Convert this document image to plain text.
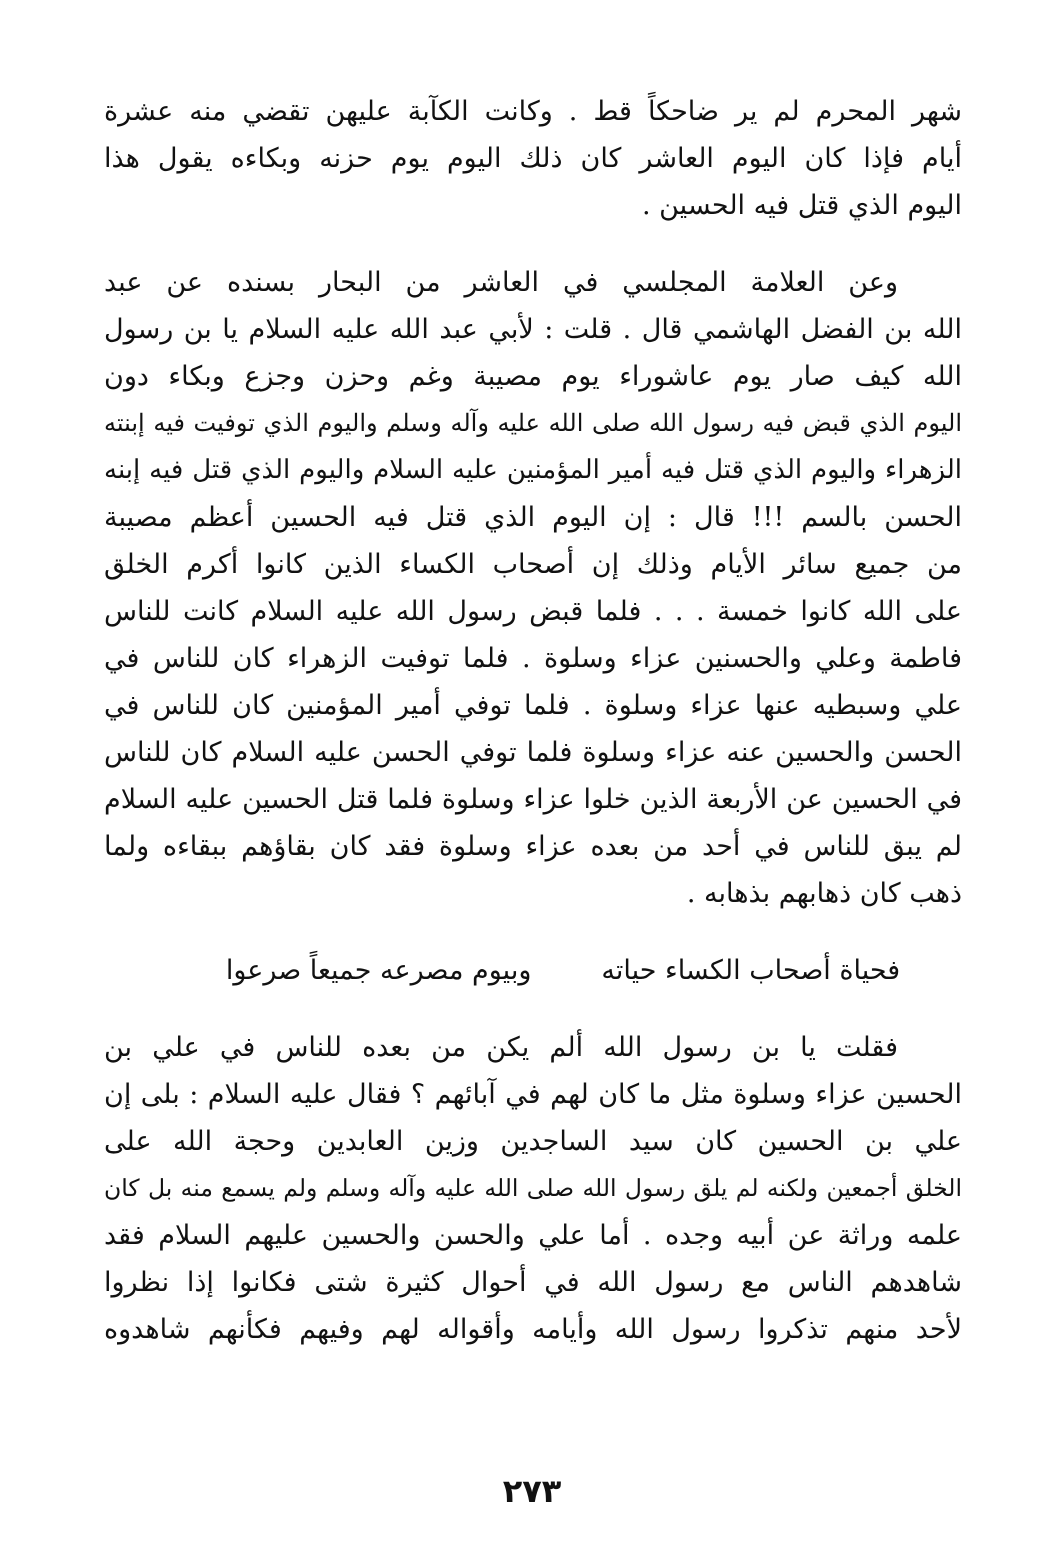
شهر المحرم لم ير ضاحكاً قط . وكانت الكآبة عليهن تقضي منه عشرة
أيام فإذا كان اليوم العاشر كان ذلك اليوم يوم حزنه وبكاءه يقول هذا
اليوم الذي قتل فيه الحسين .

وعن العلامة المجلسي في العاشر من البحار بسنده عن عبد
الله بن الفضل الهاشمي قال . قلت : لأبي عبد الله عليه السلام يا بن رسول
الله كيف صار يوم عاشوراء يوم مصيبة وغم وحزن وجزع وبكاء دون
اليوم الذي قبض فيه رسول الله صلى الله عليه وآله وسلم واليوم الذي توفيت فيه إبنته
الزهراء واليوم الذي قتل فيه أمير المؤمنين عليه السلام واليوم الذي قتل فيه إبنه
الحسن بالسم !!! قال : إن اليوم الذي قتل فيه الحسين أعظم مصيبة
من جميع سائر الأيام وذلك إن أصحاب الكساء الذين كانوا أكرم الخلق
على الله كانوا خمسة . . . فلما قبض رسول الله عليه السلام كانت للناس
فاطمة وعلي والحسنين عزاء وسلوة . فلما توفيت الزهراء كان للناس في
علي وسبطيه عنها عزاء وسلوة . فلما توفي أمير المؤمنين كان للناس في
الحسن والحسين عنه عزاء وسلوة فلما توفي الحسن عليه السلام كان للناس
في الحسين عن الأربعة الذين خلوا عزاء وسلوة فلما قتل الحسين عليه السلام
لم يبق للناس في أحد من بعده عزاء وسلوة فقد كان بقاؤهم ببقاءه ولما
ذهب كان ذهابهم بذهابه .

فحياة أصحاب الكساء حياته
وبيوم مصرعه جميعاً صرعوا

فقلت يا بن رسول الله ألم يكن من بعده للناس في علي بن
الحسين عزاء وسلوة مثل ما كان لهم في آبائهم ؟ فقال عليه السلام : بلى إن
علي بن الحسين كان سيد الساجدين وزين العابدين وحجة الله على
الخلق أجمعين ولكنه لم يلق رسول الله صلى الله عليه وآله وسلم ولم يسمع منه بل كان
علمه وراثة عن أبيه وجده . أما علي والحسن والحسين عليهم السلام فقد
شاهدهم الناس مع رسول الله في أحوال كثيرة شتى فكانوا إذا نظروا
لأحد منهم تذكروا رسول الله وأيامه وأقواله لهم وفيهم فكأنهم شاهدوه

٢٧٣
